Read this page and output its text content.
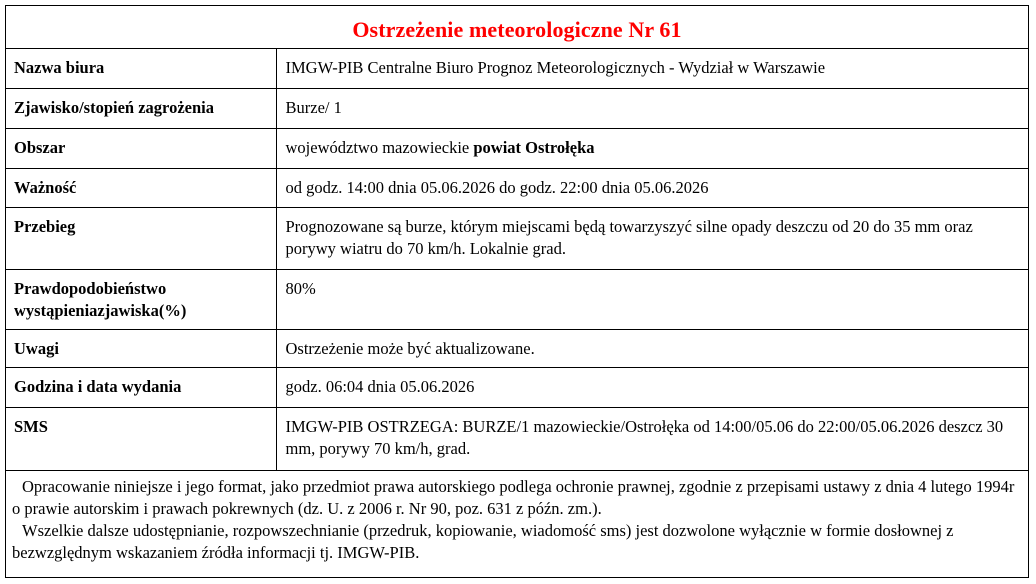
Ostrzeżenie meteorologiczne Nr 61
Nazwa biura	IMGW-PIB Centralne Biuro Prognoz Meteorologicznych - Wydział w Warszawie
Zjawisko/stopień zagrożenia	Burze/ 1
Obszar	województwo mazowieckie powiat Ostrołęka
Ważność	od godz. 14:00 dnia 05.06.2026 do godz. 22:00 dnia 05.06.2026
Przebieg	Prognozowane są burze, którym miejscami będą towarzyszyć silne opady deszczu od 20 do 35 mm oraz porywy wiatru do 70 km/h. Lokalnie grad.
Prawdopodobieństwo wystąpieniazjawiska(%)	80%
Uwagi	Ostrzeżenie może być aktualizowane.
Godzina i data wydania	godz. 06:04 dnia 05.06.2026
SMS	IMGW-PIB OSTRZEGA: BURZE/1 mazowieckie/Ostrołęka od 14:00/05.06 do 22:00/05.06.2026 deszcz 30 mm, porywy 70 km/h, grad.

Opracowanie niniejsze i jego format, jako przedmiot prawa autorskiego podlega ochronie prawnej, zgodnie z przepisami ustawy z dnia 4 lutego 1994r o prawie autorskim i prawach pokrewnych (dz. U. z 2006 r. Nr 90, poz. 631 z późn. zm.).

Wszelkie dalsze udostępnianie, rozpowszechnianie (przedruk, kopiowanie, wiadomość sms) jest dozwolone wyłącznie w formie dosłownej z bezwzględnym wskazaniem źródła informacji tj. IMGW-PIB.
